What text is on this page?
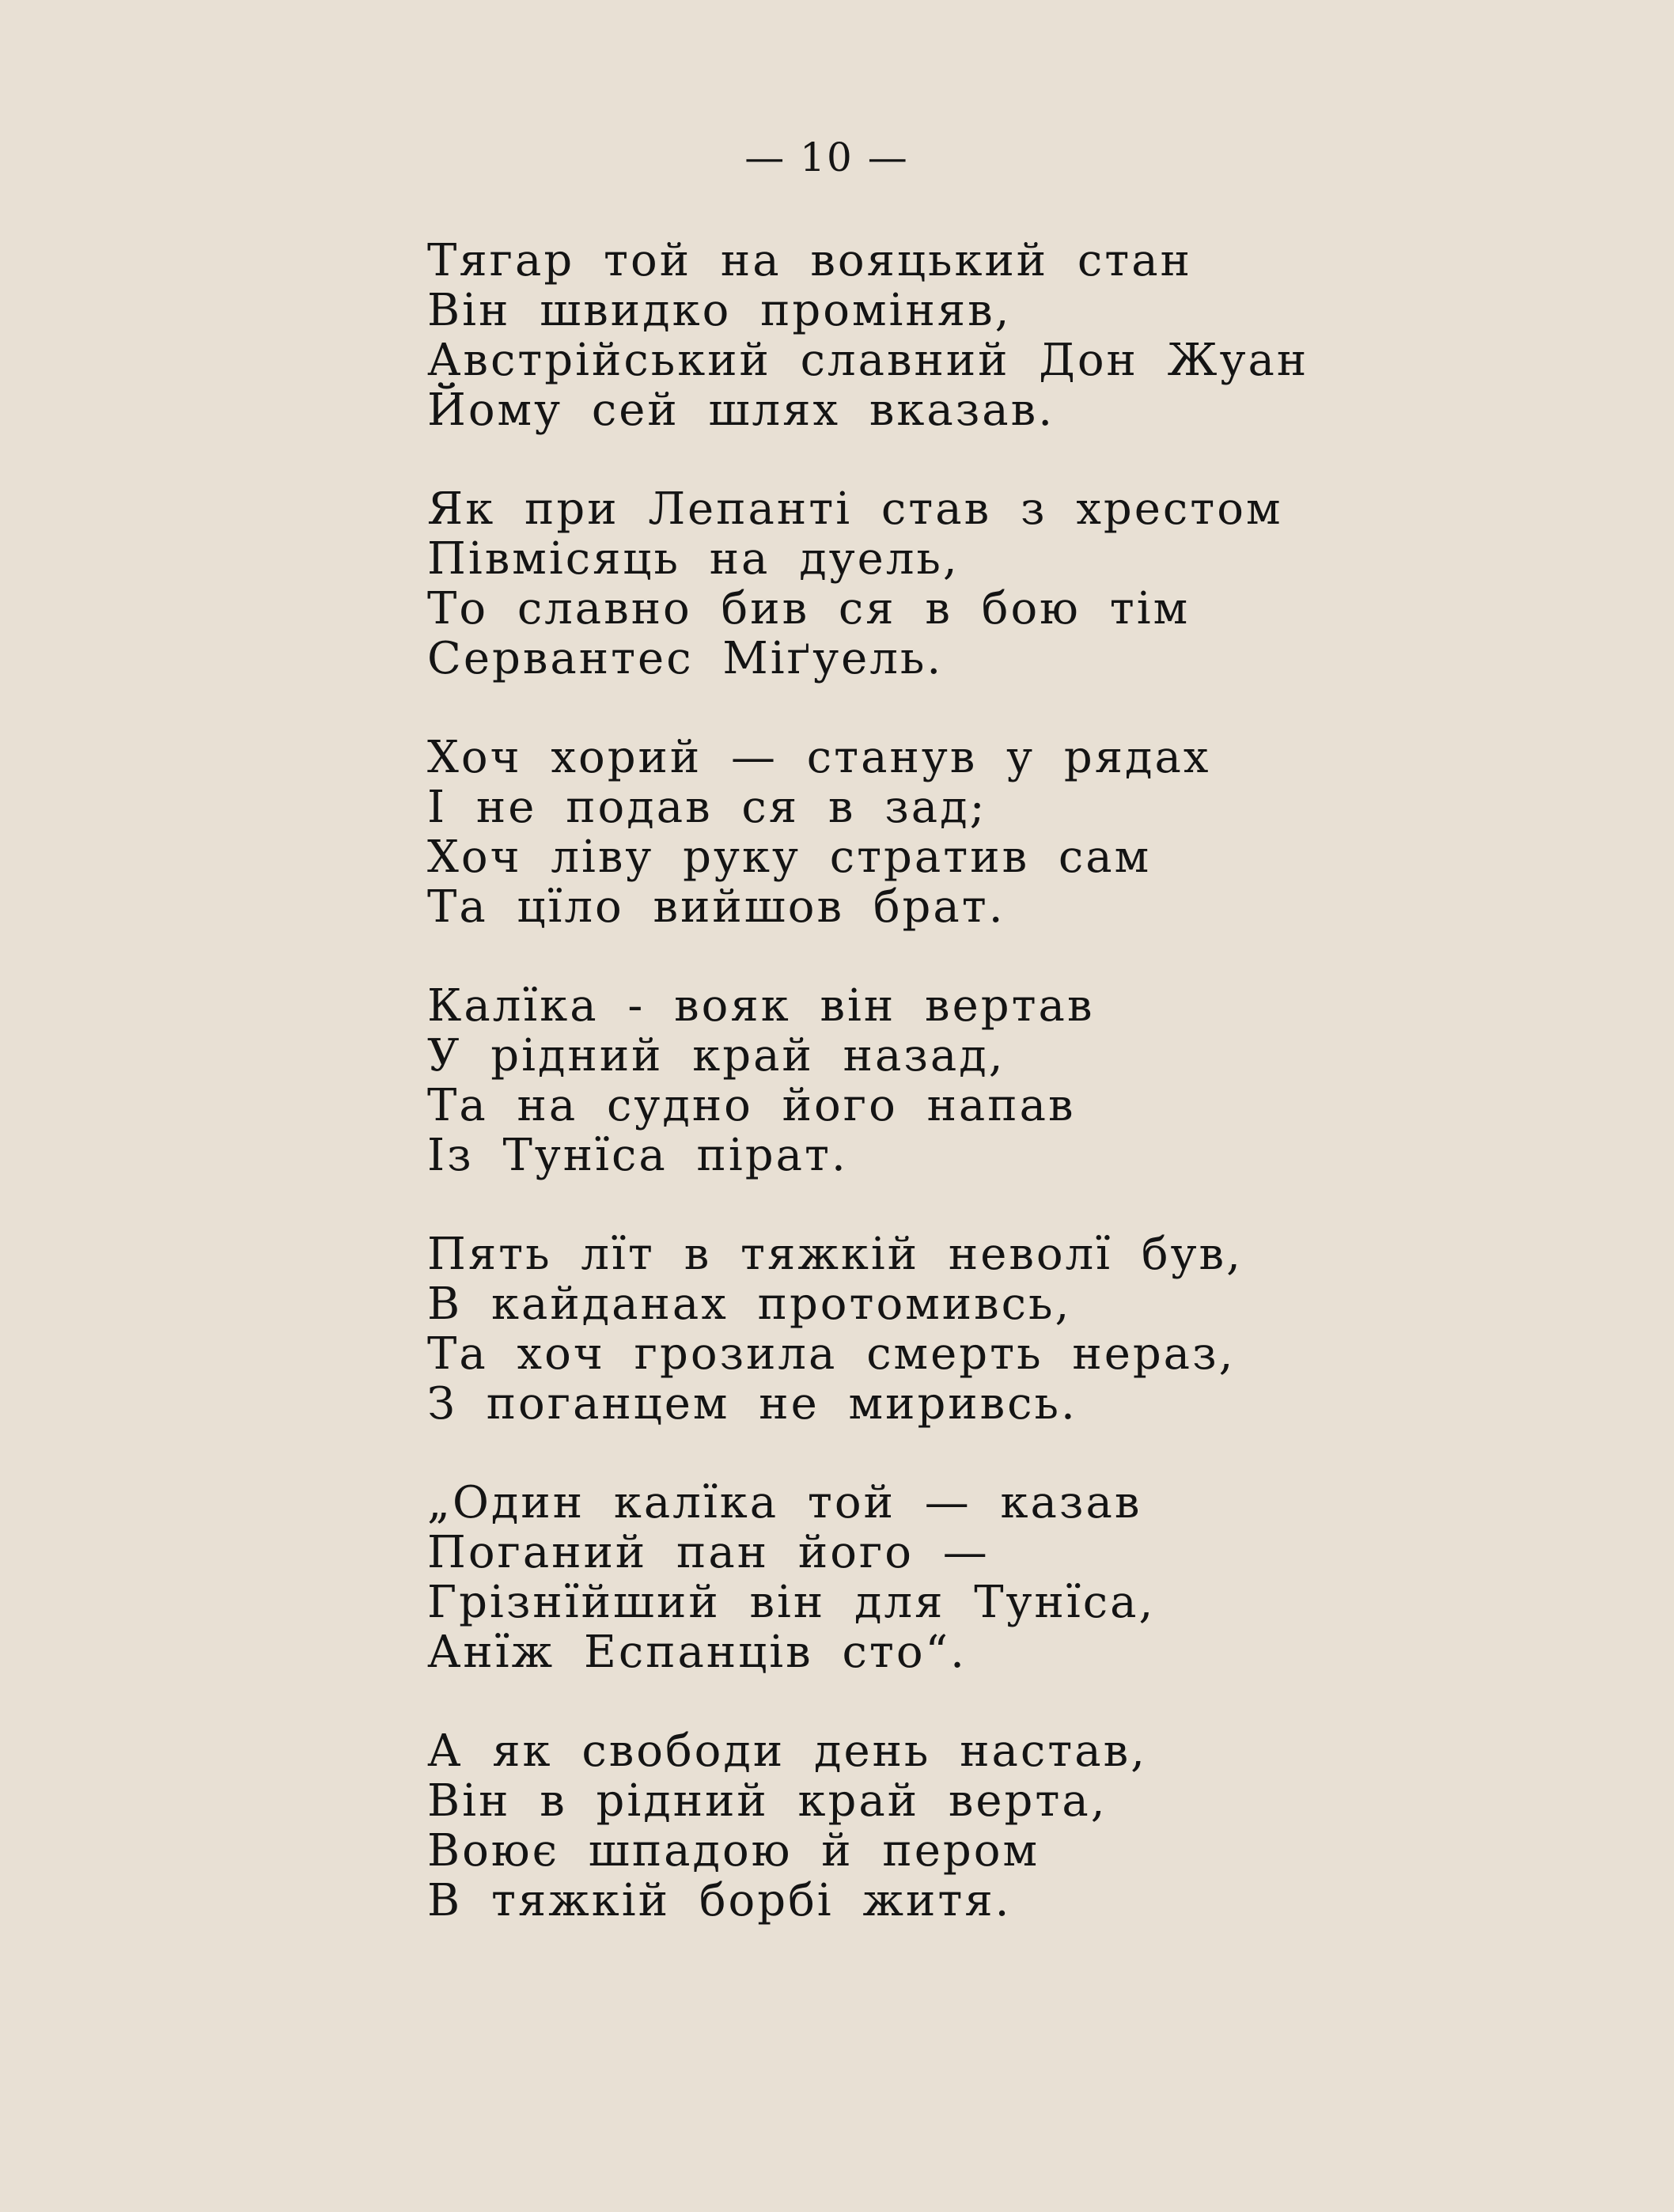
— 10 —
Тягар той на вояцький стан
Він швидко проміняв,
Австрійський славний Дон Жуан
Йому сей шлях вказав.
Як при Лепанті став з хрестом
Півмісяць на дуель,
То славно бив ся в бою тім
Сервантес Міґуель.
Хоч хорий — станув у рядах
І не подав ся в зад;
Хоч ліву руку стратив сам
Та цїло вийшов брат.
Калїка - вояк він вертав
У рідний край назад,
Та на судно його напав
Із Тунїса пірат.
Пять лїт в тяжкій неволї був,
В кайданах протомивсь,
Та хоч грозила смерть нераз,
З поганцем не миривсь.
„Один калїка той — казав
Поганий пан його —
Грізнїйший він для Тунїса,
Анїж Еспанців сто“.
А як свободи день настав,
Він в рідний край верта,
Воює шпадою й пером
В тяжкій борбі житя.
